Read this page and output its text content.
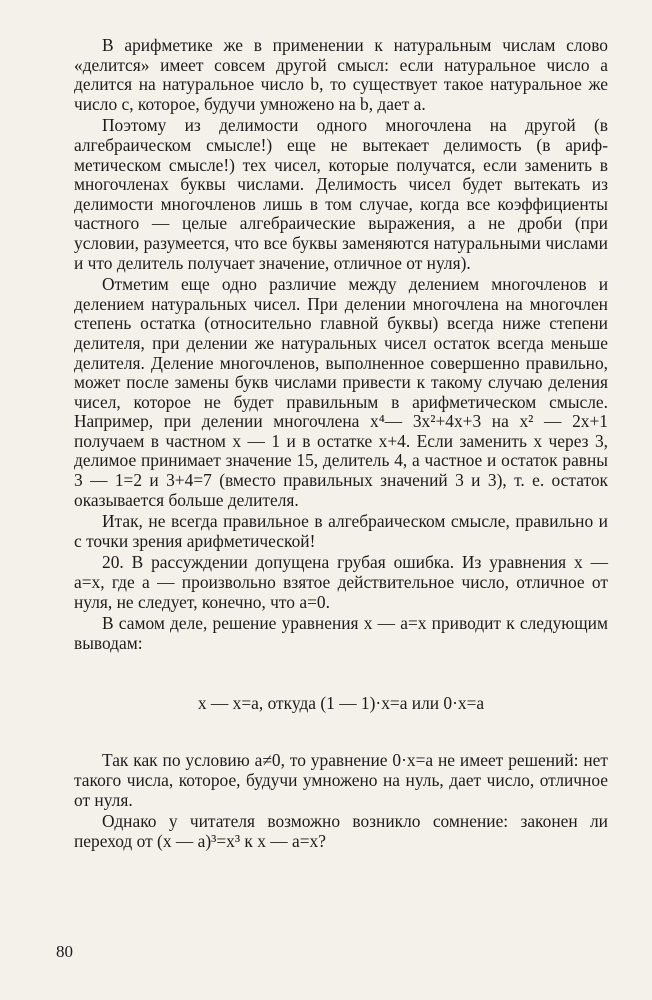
В арифметике же в применении к натуральным числам слово «делится» имеет совсем другой смысл: если натуральное число a делится на натуральное число b, то существует такое натуральное же число c, которое, будучи умножено на b, дает a.

Поэтому из делимости одного многочлена на другой (в алгебраическом смысле!) еще не вытекает делимость (в арифметическом смысле!) тех чисел, которые получатся, если заменить в многочленах буквы числами. Делимость чисел будет вытекать из делимости многочленов лишь в том случае, когда все коэффициенты частного — целые алгебраические выражения, а не дроби (при условии, разумеется, что все буквы заменяются натуральными числами и что делитель получает значение, отличное от нуля).

Отметим еще одно различие между делением многочленов и делением натуральных чисел. При делении многочлена на многочлен степень остатка (относительно главной буквы) всегда ниже степени делителя, при делении же натуральных чисел остаток всегда меньше делителя. Деление многочленов, выполненное совершенно правильно, может после замены букв числами привести к такому случаю деления чисел, которое не будет правильным в арифметическом смысле. Например, при делении многочлена x⁴— 3x²+4x+3 на x² — 2x+1 получаем в частном x — 1 и в остатке x+4. Если заменить x через 3, делимое принимает значение 15, делитель 4, а частное и остаток равны 3 — 1=2 и 3+4=7 (вместо правильных значений 3 и 3), т. е. остаток оказывается больше делителя.

Итак, не всегда правильное в алгебраическом смысле, правильно и с точки зрения арифметической!

20. В рассуждении допущена грубая ошибка. Из уравнения x — a=x, где a — произвольно взятое действительное число, отличное от нуля, не следует, конечно, что a=0.

В самом деле, решение уравнения x — a=x приводит к следующим выводам:

x — x=a, откуда (1 — 1)·x=a или 0·x=a

Так как по условию a≠0, то уравнение 0·x=a не имеет решений: нет такого числа, которое, будучи умножено на нуль, дает число, отличное от нуля.

Однако у читателя возможно возникло сомнение: законен ли переход от (x — a)³=x³ к x — a=x?

80
